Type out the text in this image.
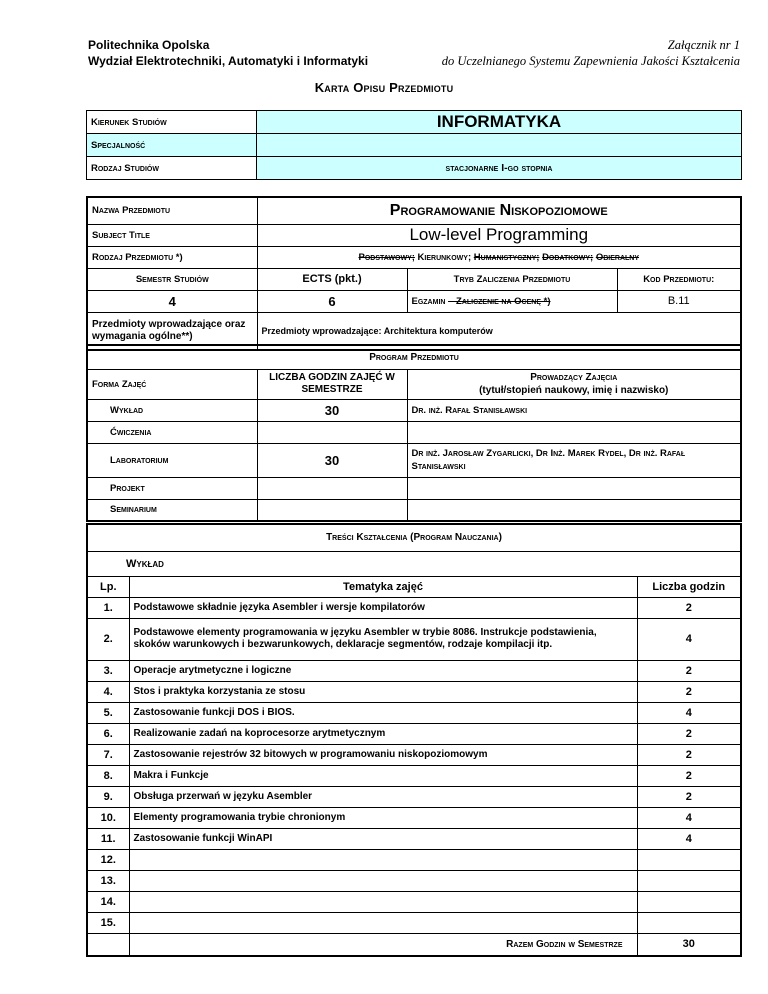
Politechnika Opolska
Wydział Elektrotechniki, Automatyki i Informatyki
Załącznik nr 1
do Uczelnianego Systemu Zapewnienia Jakości Kształcenia
Karta Opisu Przedmiotu
Kierunek Studiów	INFORMATYKA
Specjalność	
Rodzaj Studiów	stacjonarne I-go stopnia
Nazwa Przedmiotu	Programowanie Niskopoziomowe		
Subject Title	Low-level Programming		
Rodzaj Przedmiotu *)	Podstawowy; Kierunkowy; Humanistyczny; Dodatkowy; Obieralny		
Semestr Studiów	ECTS (pkt.)	Tryb Zaliczenia Przedmiotu	Kod Przedmiotu:
4	6	Egzamin – Zaliczenie na Ocenę *)	B.11
Przedmioty wprowadzające oraz wymagania ogólne**)	Przedmioty wprowadzające: Architektura komputerów		
Program Przedmiotu		
Forma Zajęć	LICZBA GODZIN ZAJĘĆ W SEMESTRZE	Prowadzący Zajęcia
(tytuł/stopień naukowy, imię i nazwisko)

Wykład	30	Dr. inż. Rafał Stanisławski
Ćwiczenia		
Laboratorium	30	Dr inż. Jarosław Zygarlicki, Dr Inż. Marek Rydel, Dr inż. Rafał Stanisławski
Projekt		
Seminarium		
Treści Kształcenia (Program Nauczania)		
Wykład		
Lp.	Tematyka zajęć	Liczba godzin
1.	Podstawowe składnie języka Asembler i wersje kompilatorów	2
2.	Podstawowe elementy programowania w języku Asembler w trybie 8086. Instrukcje podstawienia, skoków warunkowych i bezwarunkowych, deklaracje segmentów, rodzaje kompilacji itp.	4
3.	Operacje arytmetyczne i logiczne	2
4.	Stos i praktyka korzystania ze stosu	2
5.	Zastosowanie funkcji DOS i BIOS.	4
6.	Realizowanie zadań na koprocesorze arytmetycznym	2
7.	Zastosowanie rejestrów 32 bitowych w programowaniu niskopoziomowym	2
8.	Makra i Funkcje	2
9.	Obsługa przerwań w języku Asembler	2
10.	Elementy programowania trybie chronionym	4
11.	Zastosowanie funkcji WinAPI	4
12.		
13.		
14.		
15.		
	Razem Godzin w Semestrze	30
